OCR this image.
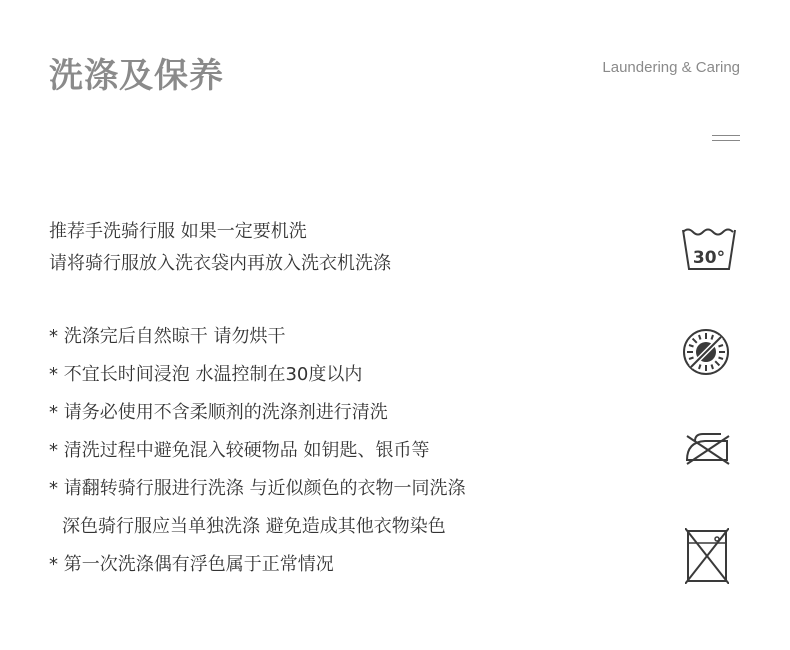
洗涤及保养	Laundering & Caring
推荐手洗骑行服 如果一定要机洗
请将骑行服放入洗衣袋内再放入洗衣机洗涤
* 洗涤完后自然晾干 请勿烘干
* 不宜长时间浸泡 水温控制在30度以内
* 请务必使用不含柔顺剂的洗涤剂进行清洗
* 清洗过程中避免混入较硬物品 如钥匙、银币等
* 请翻转骑行服进行洗涤 与近似颜色的衣物一同洗涤
深色骑行服应当单独洗涤 避免造成其他衣物染色
* 第一次洗涤偶有浮色属于正常情况
30°
